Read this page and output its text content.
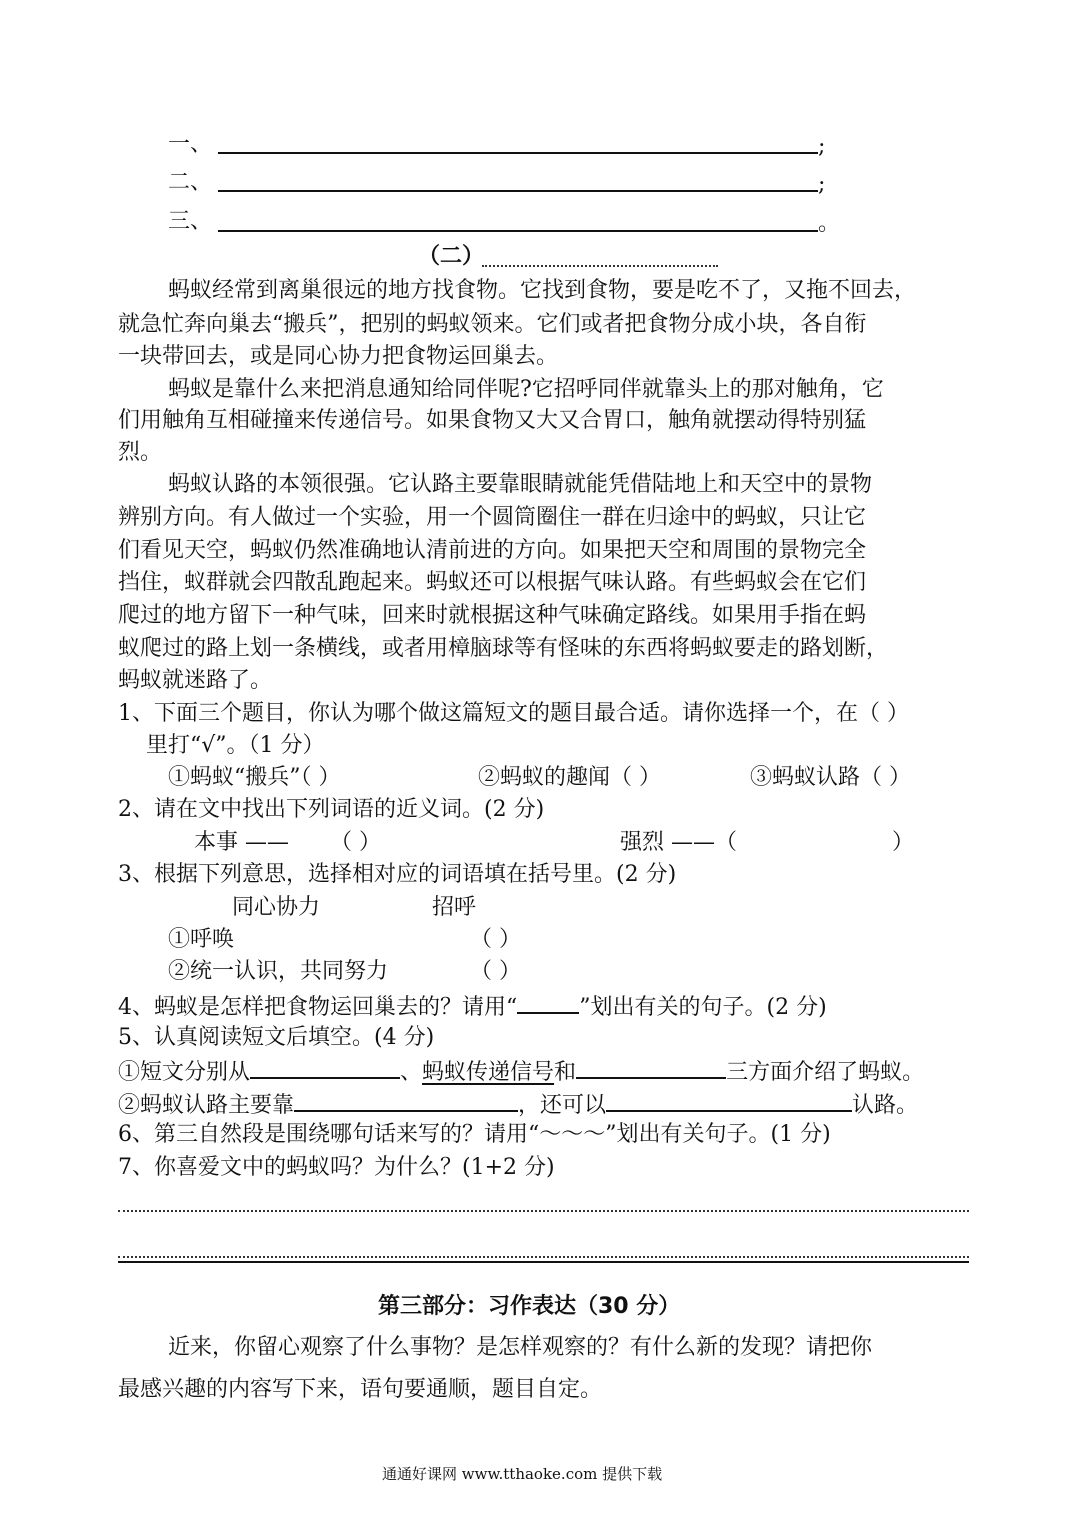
一、	;
二、	;
三、	。
（二）
蚂蚁经常到离巢很远的地方找食物。它找到食物，要是吃不了，又拖不回去，
就急忙奔向巢去“搬兵”，把别的蚂蚁领来。它们或者把食物分成小块，各自衔
一块带回去，或是同心协力把食物运回巢去。
蚂蚁是靠什么来把消息通知给同伴呢?它招呼同伴就靠头上的那对触角，它
们用触角互相碰撞来传递信号。如果食物又大又合胃口，触角就摆动得特别猛
烈。
蚂蚁认路的本领很强。它认路主要靠眼睛就能凭借陆地上和天空中的景物
辨别方向。有人做过一个实验，用一个圆筒圈住一群在归途中的蚂蚁，只让它
们看见天空，蚂蚁仍然准确地认清前进的方向。如果把天空和周围的景物完全
挡住，蚁群就会四散乱跑起来。蚂蚁还可以根据气味认路。有些蚂蚁会在它们
爬过的地方留下一种气味，回来时就根据这种气味确定路线。如果用手指在蚂
蚁爬过的路上划一条横线，或者用樟脑球等有怪味的东西将蚂蚁要走的路划断，
蚂蚁就迷路了。
1、下面三个题目，你认为哪个做这篇短文的题目最合适。请你选择一个，在（ ）
里打“√”。（1 分）
①蚂蚁“搬兵”（ ）	②蚂蚁的趣闻（ ）	③蚂蚁认路（ ）
2、请在文中找出下列词语的近义词。(2 分)
本事 —— （ ）	强烈 ——（	）
3、根据下列意思，选择相对应的词语填在括号里。(2 分)
同心协力	招呼
①呼唤	（ ）
②统一认识，共同努力	（ ）
4、蚂蚁是怎样把食物运回巢去的？请用“	”划出有关的句子。(2 分)
5、认真阅读短文后填空。(4 分)
①短文分别从	、蚂蚁传递信号和	三方面介绍了蚂蚁。
②蚂蚁认路主要靠	，还可以	认路。
6、第三自然段是围绕哪句话来写的？请用“～～～”划出有关句子。(1 分)
7、你喜爱文中的蚂蚁吗？为什么？(1+2 分)
第三部分：习作表达（30 分）
近来，你留心观察了什么事物？是怎样观察的？有什么新的发现？请把你
最感兴趣的内容写下来，语句要通顺，题目自定。
通通好课网 www.tthaoke.com 提供下载
